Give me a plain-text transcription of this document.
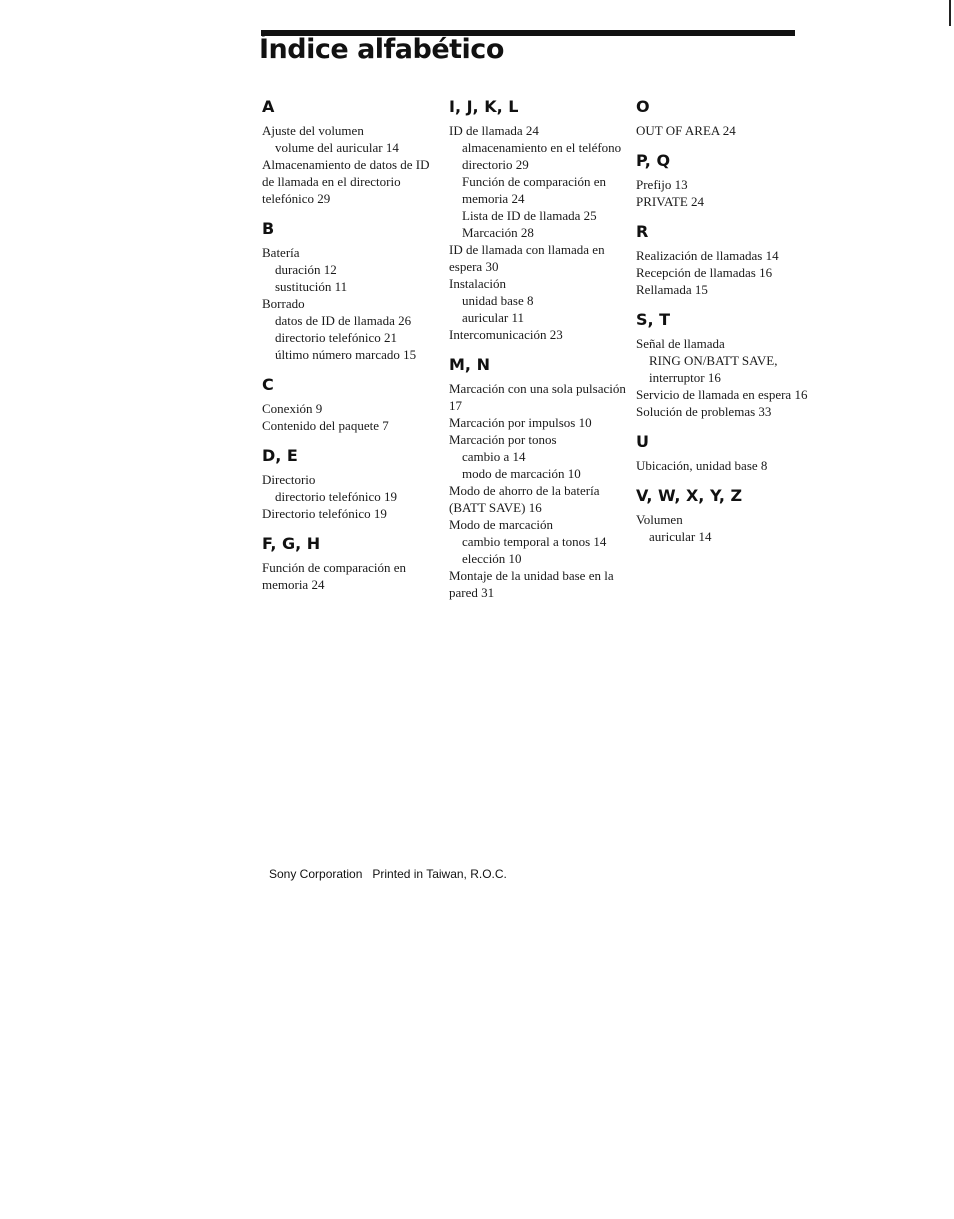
Índice alfabético
A

Ajuste del volumen

volume del auricular 14

Almacenamiento de datos de ID de llamada en el directorio telefónico 29

B

Batería

duración 12

sustitución 11

Borrado

datos de ID de llamada 26

directorio telefónico 21

último número marcado 15

C

Conexión 9

Contenido del paquete 7

D, E

Directorio

directorio telefónico 19

Directorio telefónico 19

F, G, H

Función de comparación en memoria 24

I, J, K, L

ID de llamada 24

almacenamiento en el teléfono directorio 29

Función de comparación en memoria 24

Lista de ID de llamada 25

Marcación 28

ID de llamada con llamada en espera 30

Instalación

unidad base 8

auricular 11

Intercomunicación 23

M, N

Marcación con una sola pulsación 17

Marcación por impulsos 10

Marcación por tonos

cambio a 14

modo de marcación 10

Modo de ahorro de la batería (BATT SAVE) 16

Modo de marcación

cambio temporal a tonos 14

elección 10

Montaje de la unidad base en la pared 31

O

OUT OF AREA 24

P, Q

Prefijo 13

PRIVATE 24

R

Realización de llamadas 14

Recepción de llamadas 16

Rellamada 15

S, T

Señal de llamada

RING ON/BATT SAVE, interruptor 16

Servicio de llamada en espera 16

Solución de problemas 33

U

Ubicación, unidad base 8

V, W, X, Y, Z

Volumen

auricular 14

Sony Corporation Printed in Taiwan, R.O.C.
